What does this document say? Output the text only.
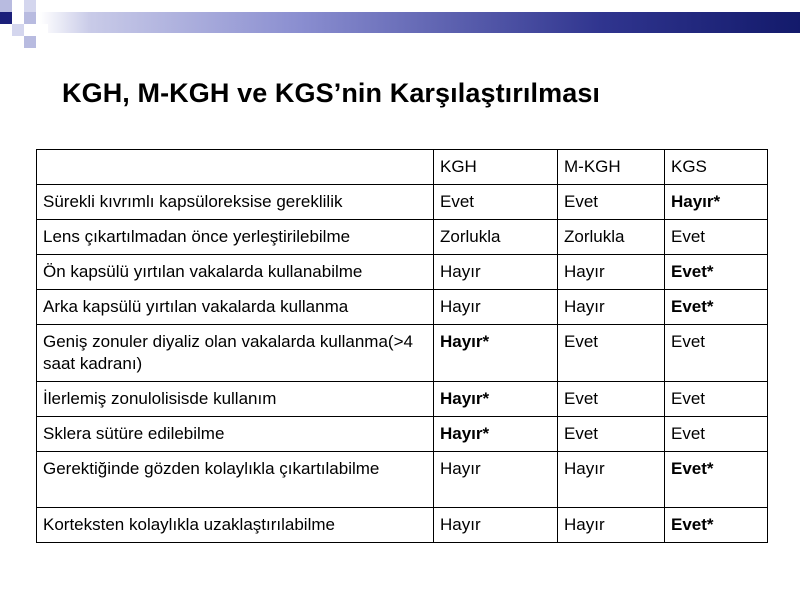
KGH, M-KGH ve KGS’nin Karşılaştırılması
	KGH	M-KGH	KGS
Sürekli kıvrımlı kapsüloreksise gereklilik	Evet	Evet	Hayır*
Lens çıkartılmadan önce yerleştirilebilme	Zorlukla	Zorlukla	Evet
Ön kapsülü yırtılan vakalarda kullanabilme	Hayır	Hayır	Evet*
Arka kapsülü yırtılan vakalarda kullanma	Hayır	Hayır	Evet*
Geniş zonuler diyaliz olan vakalarda kullanma(>4 saat kadranı)	Hayır*	Evet	Evet
İlerlemiş zonulolisisde kullanım	Hayır*	Evet	Evet
Sklera sütüre edilebilme	Hayır*	Evet	Evet
Gerektiğinde gözden kolaylıkla çıkartılabilme	Hayır	Hayır	Evet*
Korteksten kolaylıkla uzaklaştırılabilme	Hayır	Hayır	Evet*
